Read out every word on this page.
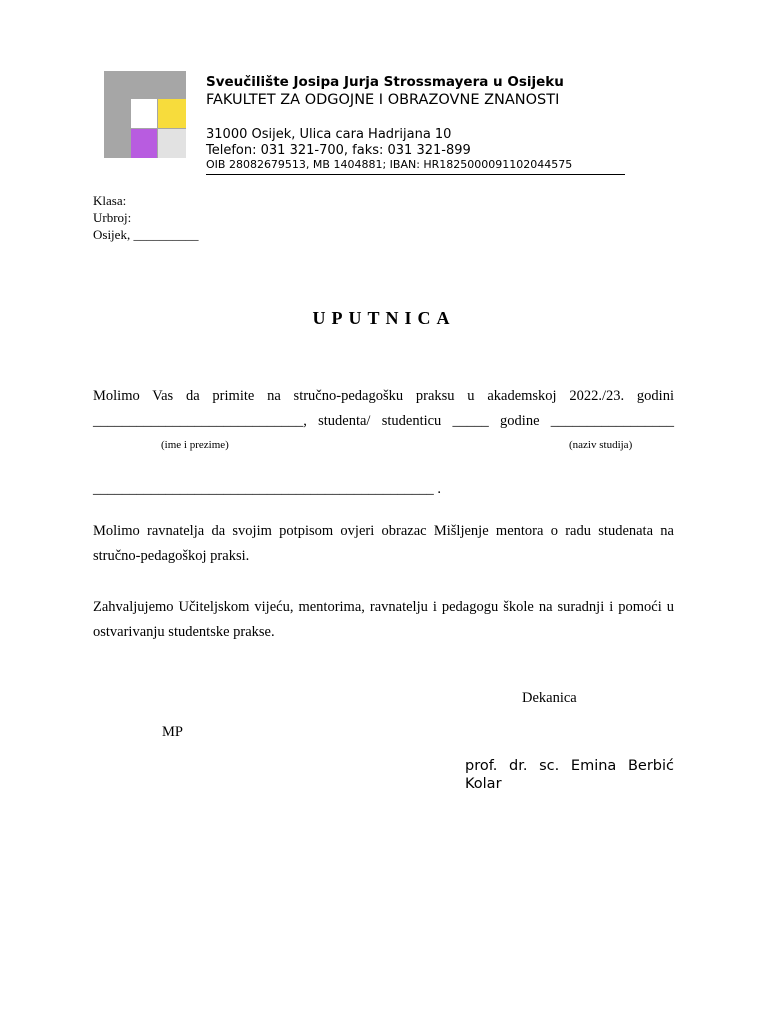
Sveučilište Josipa Jurja Strossmayera u Osijeku
FAKULTET ZA ODGOJNE I OBRAZOVNE ZNANOSTI
31000 Osijek, Ulica cara Hadrijana 10
Telefon: 031 321-700, faks: 031 321-899
OIB 28082679513, MB 1404881; IBAN: HR1825000091102044575
Klasa:
Urbroj:
Osijek, __________
UPUTNICA
Molimo Vas da primite na stručno-pedagošku praksu u akademskoj 2022./23. godini
_____________________________, studenta/ studenticu _____ godine _________________
(ime i prezime)	(naziv studija)
_______________________________________________ .
Molimo ravnatelja da svojim potpisom ovjeri obrazac Mišljenje mentora o radu studenata na stručno-pedagoškoj praksi.
Zahvaljujemo Učiteljskom vijeću, mentorima, ravnatelju i pedagogu škole na suradnji i pomoći u ostvarivanju studentske prakse.
Dekanica
MP
prof. dr. sc. Emina Berbić Kolar
